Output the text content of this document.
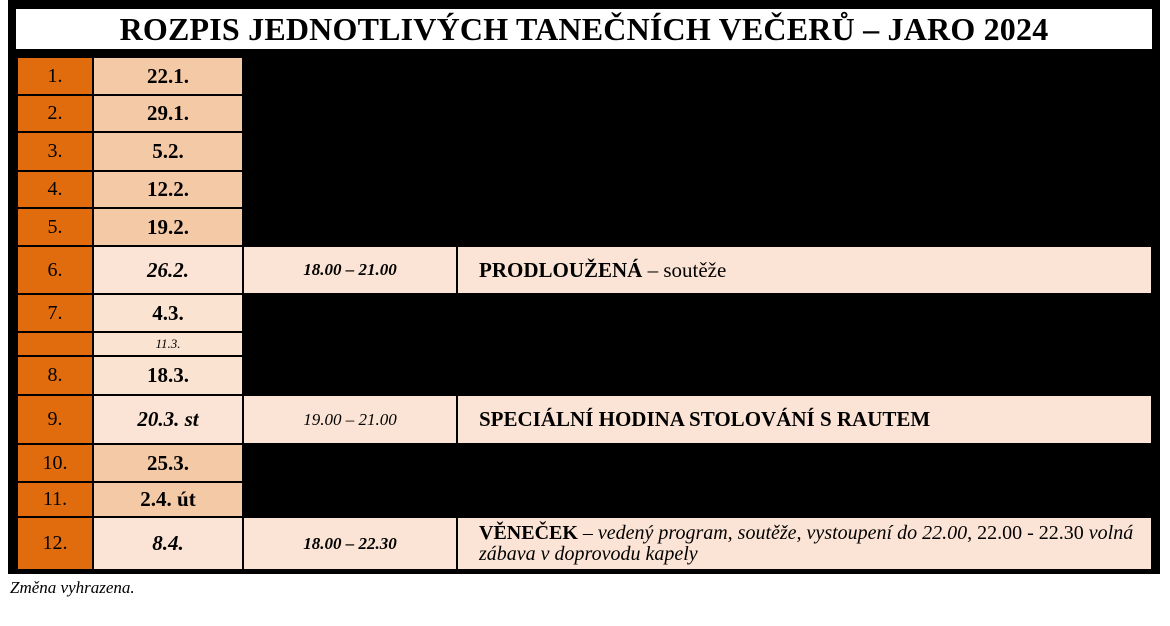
ROZPIS JEDNOTLIVÝCH TANEČNÍCH VEČERŮ – JARO 2024
1.	22.1.	19.00 – 21.00	úvodní výuková lekce
2.	29.1.	19.00 – 21.00	výuková lekce
3.	5.2.	19.00 – 21.00	výuková lekce
4.	12.2.	19.00 – 21.00	výuková lekce s programem
5.	19.2.	19.00 – 21.00	výuková lekce
6.	26.2.	18.00 – 21.00	PRODLOUŽENÁ – soutěže
7.	4.3.	19.00 – 21.00	výuková lekce
	11.3.		JARNÍ PRÁZDNINY
8.	18.3.	19.00 – 21.00	výuková lekce
9.	20.3. st	19.00 – 21.00	SPECIÁLNÍ HODINA STOLOVÁNÍ S RAUTEM
10.	25.3.	19.00 – 21.00	výuková lekce
11.	2.4. út	19.00 – 21.00	výuková lekce
12.	8.4.	18.00 – 22.30	VĚNEČEK – vedený program, soutěže, vystoupení do 22.00, 22.00 - 22.30 volná zábava v doprovodu kapely
Změna vyhrazena.
